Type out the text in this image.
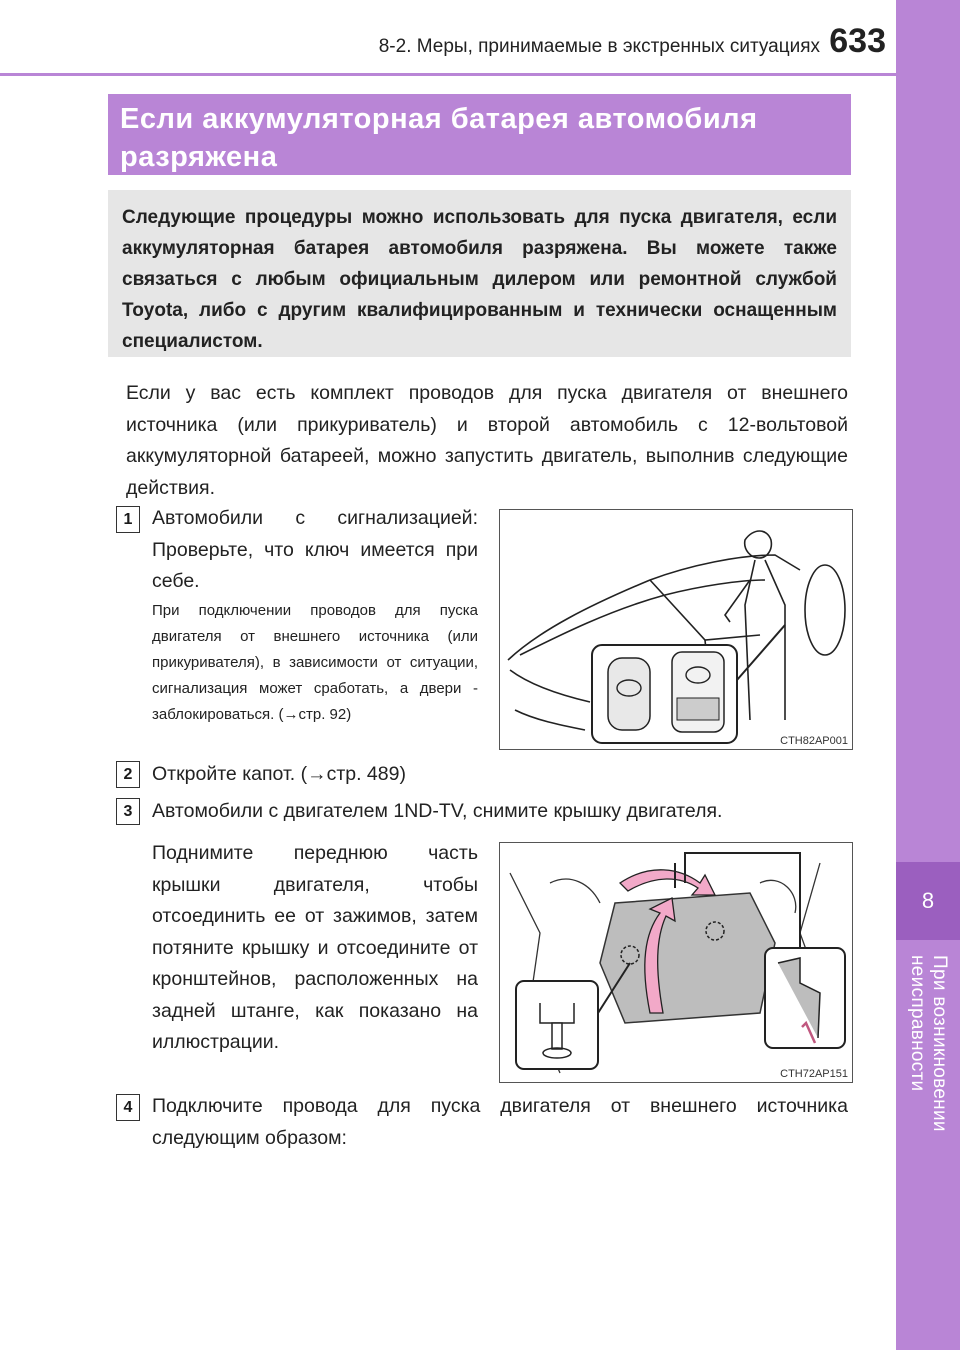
8
При возникновении неисправности
8-2. Меры, принимаемые в экстренных ситуациях 633
Если аккумуляторная батарея автомобиля разряжена

Следующие процедуры можно использовать для пуска двигателя, если аккумуляторная батарея автомобиля разряжена. Вы можете также связаться с любым официальным дилером или ремонтной службой Toyota, либо с другим квалифицированным и технически оснащенным специалистом.

Если у вас есть комплект проводов для пуска двигателя от внешнего источника (или прикуриватель) и второй автомобиль с 12-вольтовой аккумуляторной батареей, можно запустить двигатель, выполнив следующие действия.

1	Автомобили с сигнализацией: Проверьте, что ключ имеется при себе.

При подключении проводов для пуска двигателя от внешнего источника (или прикуривателя), в зависимости от ситуации, сигнализация может сработать, а двери - заблокироваться. (→стр. 92)

CTH82AP001
2	Откройте капот. (→стр. 489)

3	Автомобили с двигателем 1ND-TV, снимите крышку двигателя.

Поднимите переднюю часть крышки двигателя, чтобы отсоединить ее от зажимов, затем потяните крышку и отсоедините от кронштейнов, расположенных на задней штанге, как показано на иллюстрации.

CTH72AP151
4	Подключите провода для пуска двигателя от внешнего источника следующим образом:
